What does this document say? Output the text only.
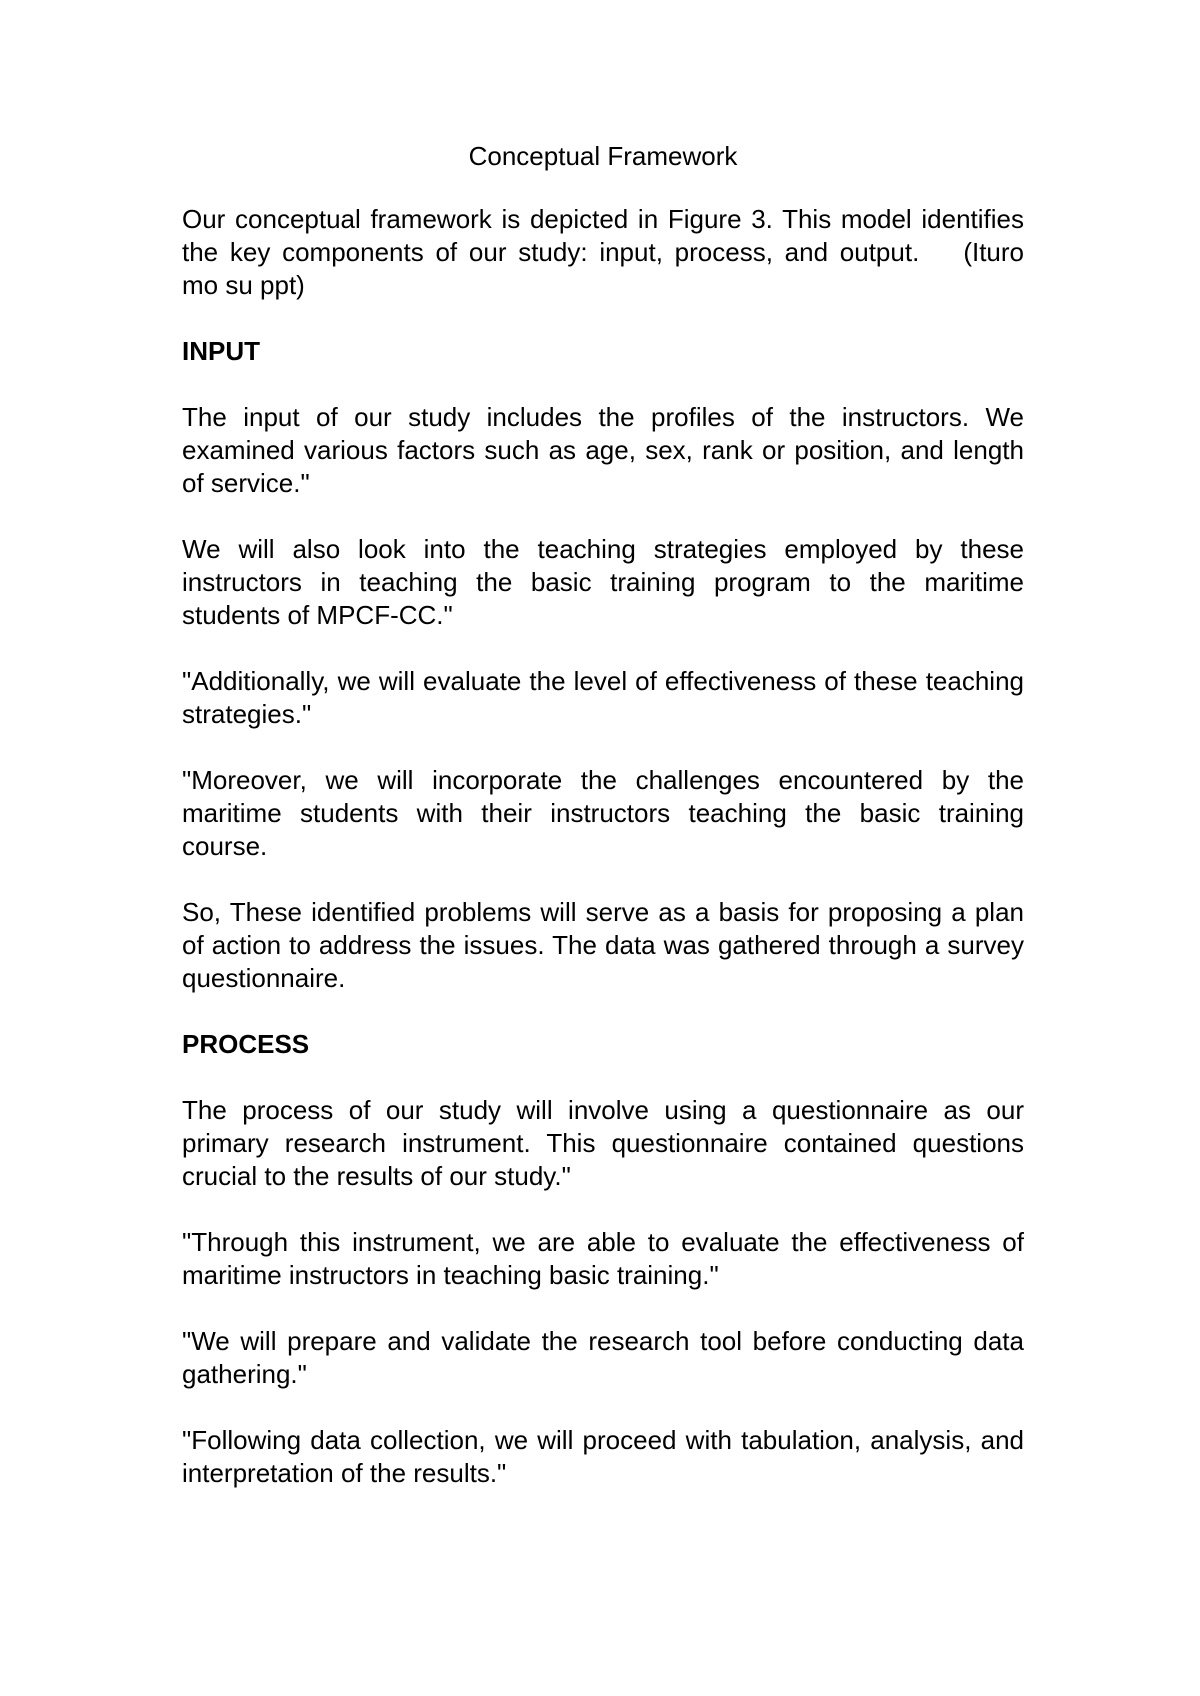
Conceptual Framework

Our conceptual framework is depicted in Figure 3. This model identifies the key components of our study: input, process, and output. (Ituro mo su ppt)

INPUT

The input of our study includes the profiles of the instructors. We examined various factors such as age, sex, rank or position, and length of service."

We will also look into the teaching strategies employed by these instructors in teaching the basic training program to the maritime students of MPCF-CC."

"Additionally, we will evaluate the level of effectiveness of these teaching strategies."

"Moreover, we will incorporate the challenges encountered by the maritime students with their instructors teaching the basic training course.

So, These identified problems will serve as a basis for proposing a plan of action to address the issues. The data was gathered through a survey questionnaire.

PROCESS

The process of our study will involve using a questionnaire as our primary research instrument. This questionnaire contained questions crucial to the results of our study."

"Through this instrument, we are able to evaluate the effectiveness of maritime instructors in teaching basic training."

"We will prepare and validate the research tool before conducting data gathering."

"Following data collection, we will proceed with tabulation, analysis, and interpretation of the results."
